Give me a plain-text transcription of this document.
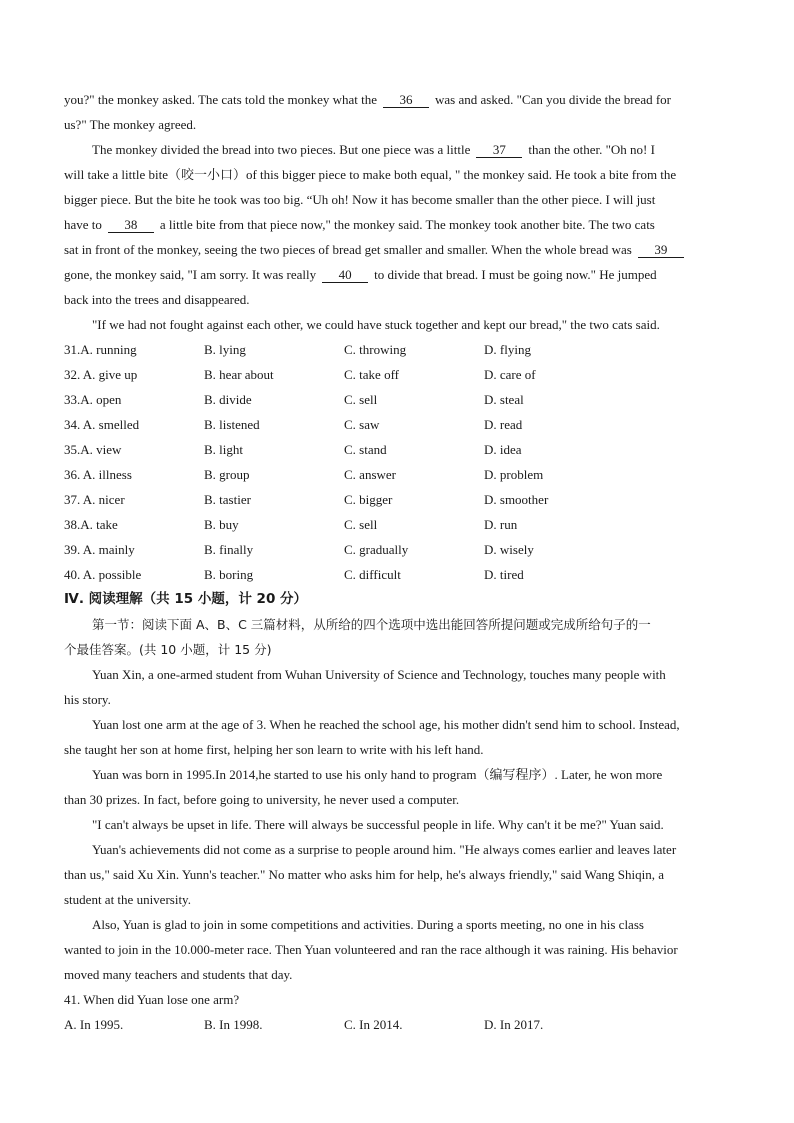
you?" the monkey asked. The cats told the monkey what the 36 was and asked. "Can you divide the bread for
us?" The monkey agreed.
The monkey divided the bread into two pieces. But one piece was a little 37 than the other. "Oh no! I
will take a little bite（咬一小口）of this bigger piece to make both equal, " the monkey said. He took a bite from the
bigger piece. But the bite he took was too big. “Uh oh! Now it has become smaller than the other piece. I will just
have to 38 a little bite from that piece now," the monkey said. The monkey took another bite. The two cats
sat in front of the monkey, seeing the two pieces of bread get smaller and smaller. When the whole bread was 39
gone, the monkey said, "I am sorry. It was really 40 to divide that bread. I must be going now." He jumped
back into the trees and disappeared.
"If we had not fought against each other, we could have stuck together and kept our bread," the two cats said.
31.A. running	B. lying	C. throwing	D. flying
32. A. give up	B. hear about	C. take off	D. care of
33.A. open	B. divide	C. sell	D. steal
34. A. smelled	B. listened	C. saw	D. read
35.A. view	B. light	C. stand	D. idea
36. A. illness	B. group	C. answer	D. problem
37. A. nicer	B. tastier	C. bigger	D. smoother
38.A. take	B. buy	C. sell	D. run
39. A. mainly	B. finally	C. gradually	D. wisely
40. A. possible	B. boring	C. difficult	D. tired
Ⅳ. 阅读理解（共 15 小题，计 20 分）
第一节：阅读下面 A、B、C 三篇材料，从所给的四个选项中选出能回答所提问题或完成所给句子的一
个最佳答案。(共 10 小题，计 15 分)
Yuan Xin, a one-armed student from Wuhan University of Science and Technology, touches many people with
his story.
Yuan lost one arm at the age of 3. When he reached the school age, his mother didn't send him to school. Instead,
she taught her son at home first, helping her son learn to write with his left hand.
Yuan was born in 1995.In 2014,he started to use his only hand to program（编写程序）. Later, he won more
than 30 prizes. In fact, before going to university, he never used a computer.
"I can't always be upset in life. There will always be successful people in life. Why can't it be me?" Yuan said.
Yuan's achievements did not come as a surprise to people around him. "He always comes earlier and leaves later
than us," said Xu Xin. Yunn's teacher." No matter who asks him for help, he's always friendly," said Wang Shiqin, a
student at the university.
Also, Yuan is glad to join in some competitions and activities. During a sports meeting, no one in his class
wanted to join in the 10.000-meter race. Then Yuan volunteered and ran the race although it was raining. His behavior
moved many teachers and students that day.
41. When did Yuan lose one arm?
A. In 1995.	B. In 1998.	C. In 2014.	D. In 2017.
